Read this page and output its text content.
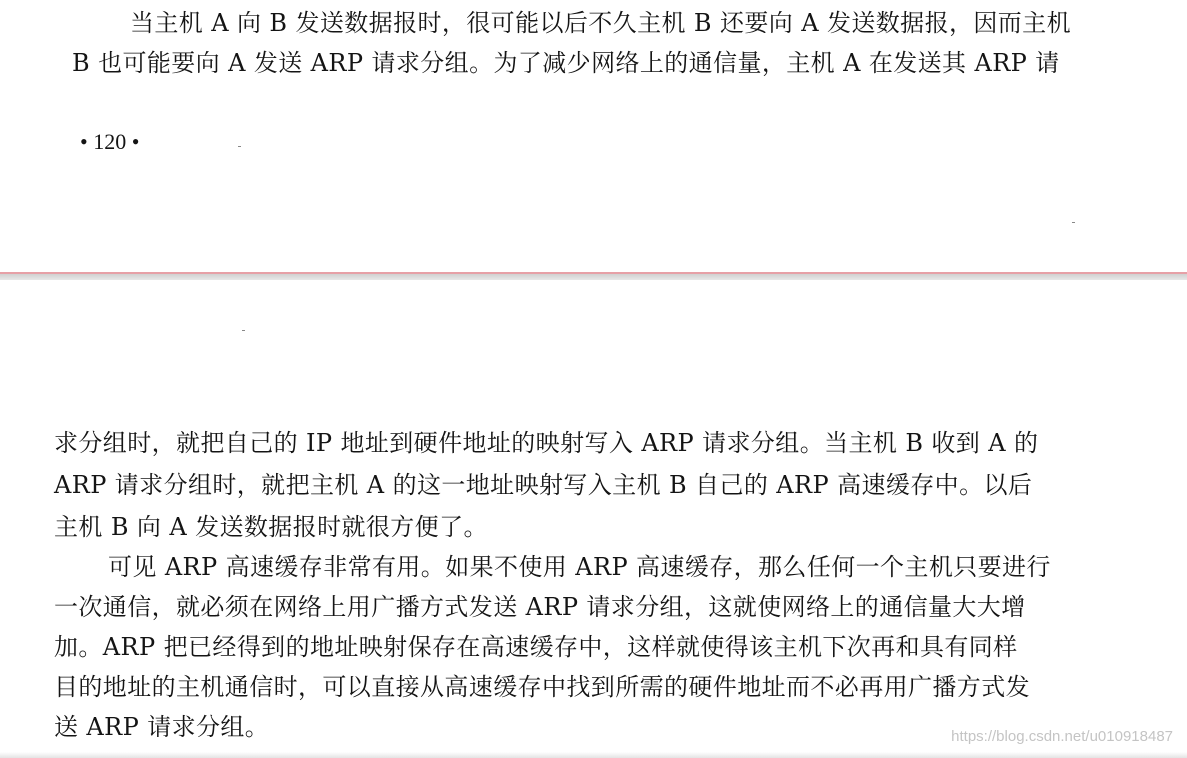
当主机 A 向 B 发送数据报时，很可能以后不久主机 B 还要向 A 发送数据报，因而主机
B 也可能要向 A 发送 ARP 请求分组。为了减少网络上的通信量，主机 A 在发送其 ARP 请
• 120 •
求分组时，就把自己的 IP 地址到硬件地址的映射写入 ARP 请求分组。当主机 B 收到 A 的
ARP 请求分组时，就把主机 A 的这一地址映射写入主机 B 自己的 ARP 高速缓存中。以后
主机 B 向 A 发送数据报时就很方便了。
可见 ARP 高速缓存非常有用。如果不使用 ARP 高速缓存，那么任何一个主机只要进行
一次通信，就必须在网络上用广播方式发送 ARP 请求分组，这就使网络上的通信量大大增
加。ARP 把已经得到的地址映射保存在高速缓存中，这样就使得该主机下次再和具有同样
目的地址的主机通信时，可以直接从高速缓存中找到所需的硬件地址而不必再用广播方式发
送 ARP 请求分组。	https://blog.csdn.net/u010918487
